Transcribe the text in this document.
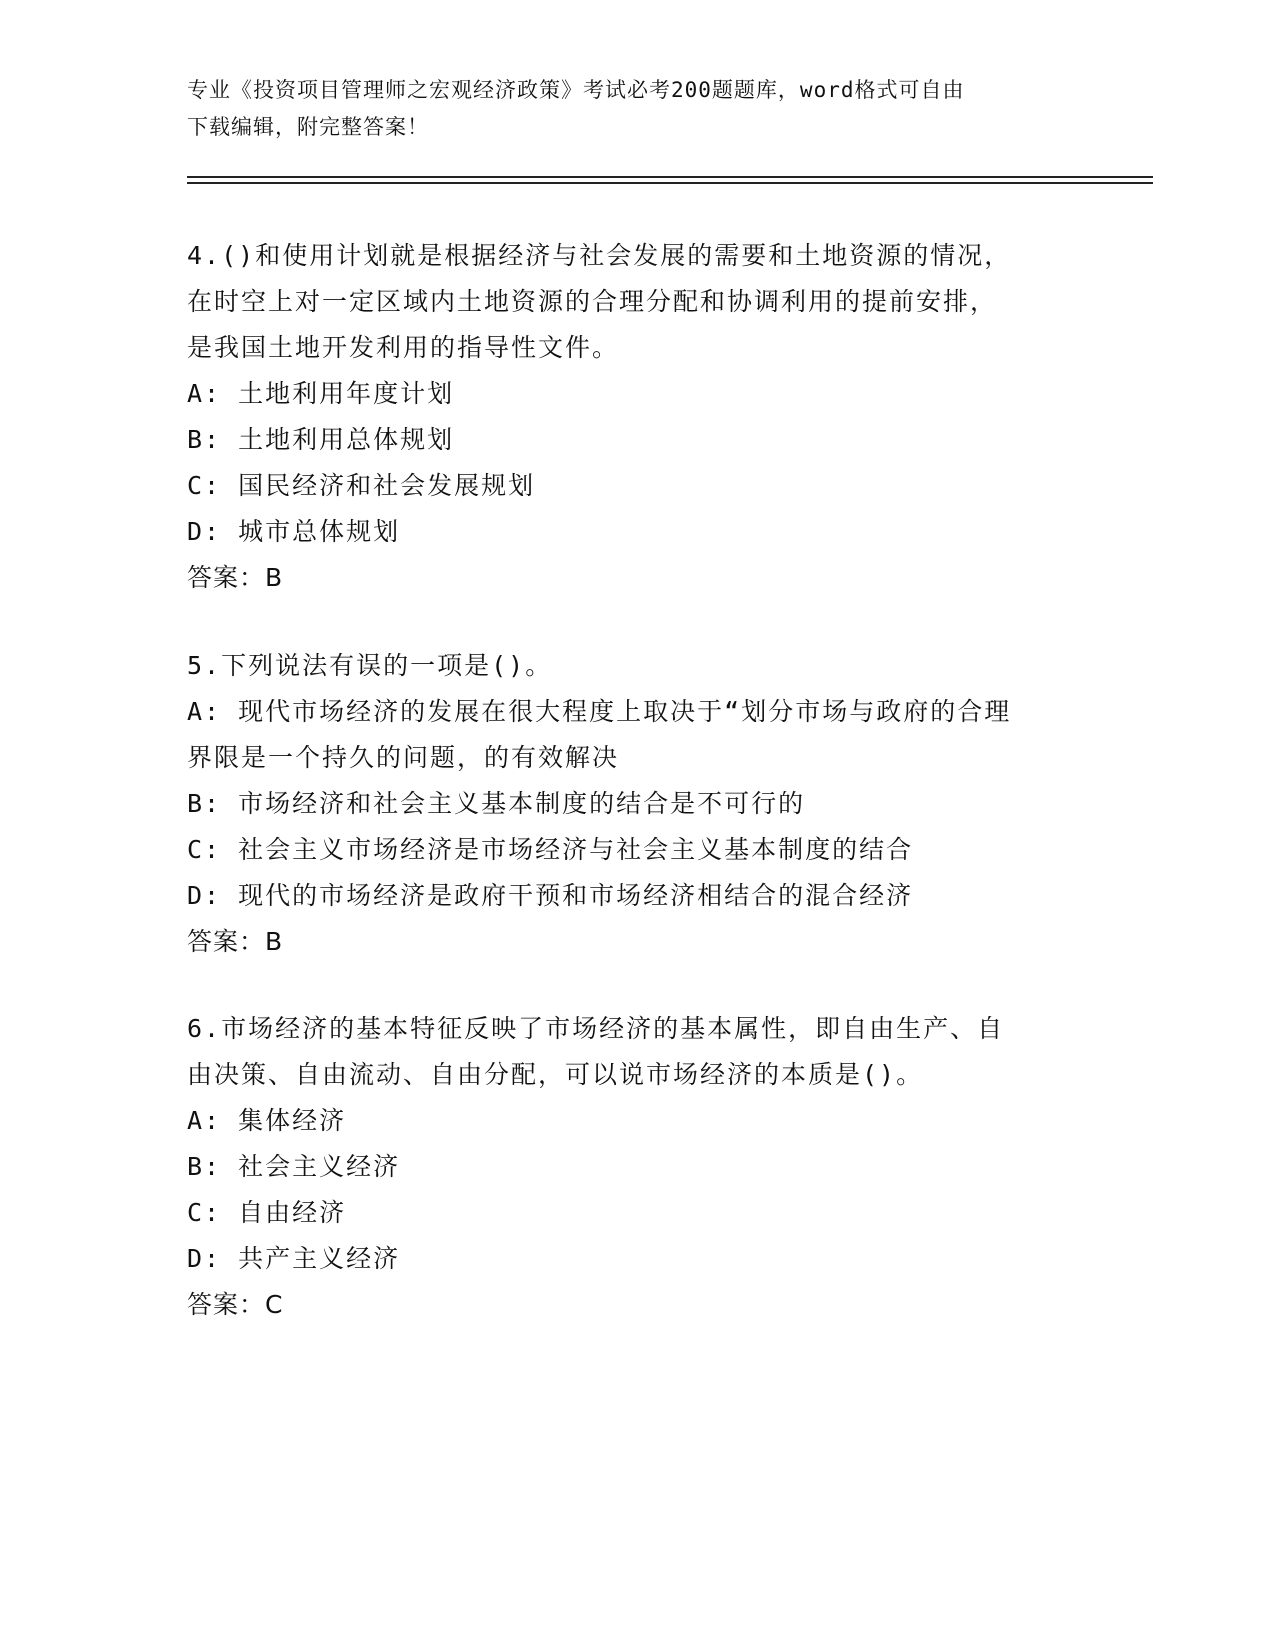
专业《投资项目管理师之宏观经济政策》考试必考200题题库，word格式可自由
下载编辑，附完整答案！
4.()和使用计划就是根据经济与社会发展的需要和土地资源的情况，
在时空上对一定区域内土地资源的合理分配和协调利用的提前安排，
是我国土地开发利用的指导性文件。
A: 土地利用年度计划
B: 土地利用总体规划
C: 国民经济和社会发展规划
D: 城市总体规划
答案：B
5.下列说法有误的一项是()。
A: 现代市场经济的发展在很大程度上取决于“划分市场与政府的合理
界限是一个持久的问题，的有效解决
B: 市场经济和社会主义基本制度的结合是不可行的
C: 社会主义市场经济是市场经济与社会主义基本制度的结合
D: 现代的市场经济是政府干预和市场经济相结合的混合经济
答案：B
6.市场经济的基本特征反映了市场经济的基本属性，即自由生产、自
由决策、自由流动、自由分配，可以说市场经济的本质是()。
A: 集体经济
B: 社会主义经济
C: 自由经济
D: 共产主义经济
答案：C
